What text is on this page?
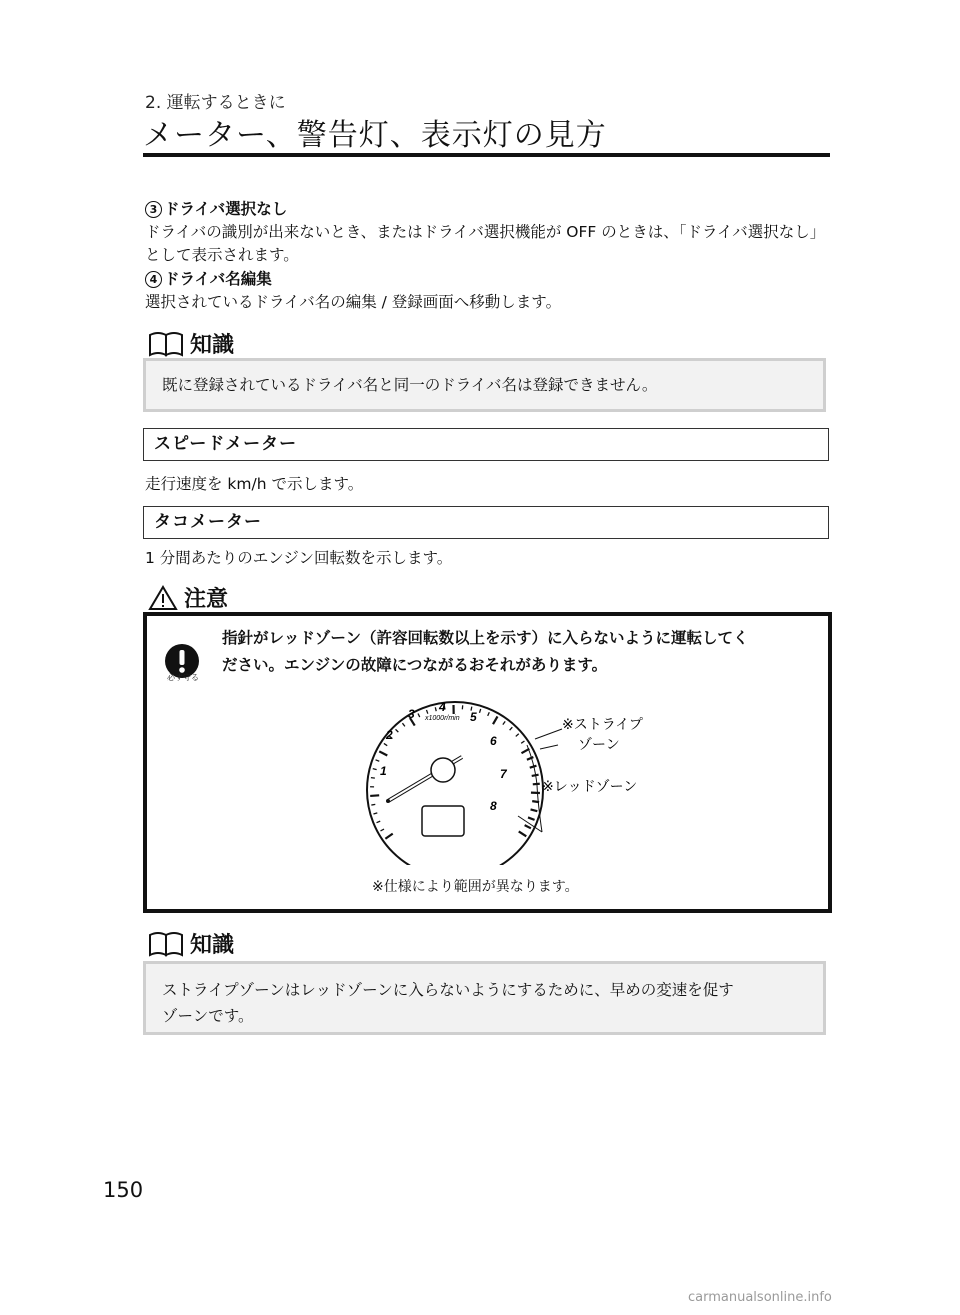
2. 運転するときに
メーター、警告灯、表示灯の見方
3 ドライバ選択なし
ドライバの識別が出来ないとき、またはドライバ選択機能が OFF のときは、「ドライバ選択なし」として表示されます。
4 ドライバ名編集
選択されているドライバ名の編集 / 登録画面へ移動します。
知識
既に登録されているドライバ名と同一のドライバ名は登録できません。
スピードメーター
走行速度を km/h で示します。
タコメーター
1 分間あたりのエンジン回転数を示します。
注意
必ず守る
指針がレッドゾーン（許容回転数以上を示す）に入らないように運転してく
ださい。エンジンの故障につながるおそれがあります。
1
2
3 4
5
6
7
8
x1000r/min	※ストライプ
ゾーン
※レッドゾーン
※仕様により範囲が異なります。
知識
ストライプゾーンはレッドゾーンに入らないようにするために、早めの変速を促す
ゾーンです。
150
carmanualsonline.info
